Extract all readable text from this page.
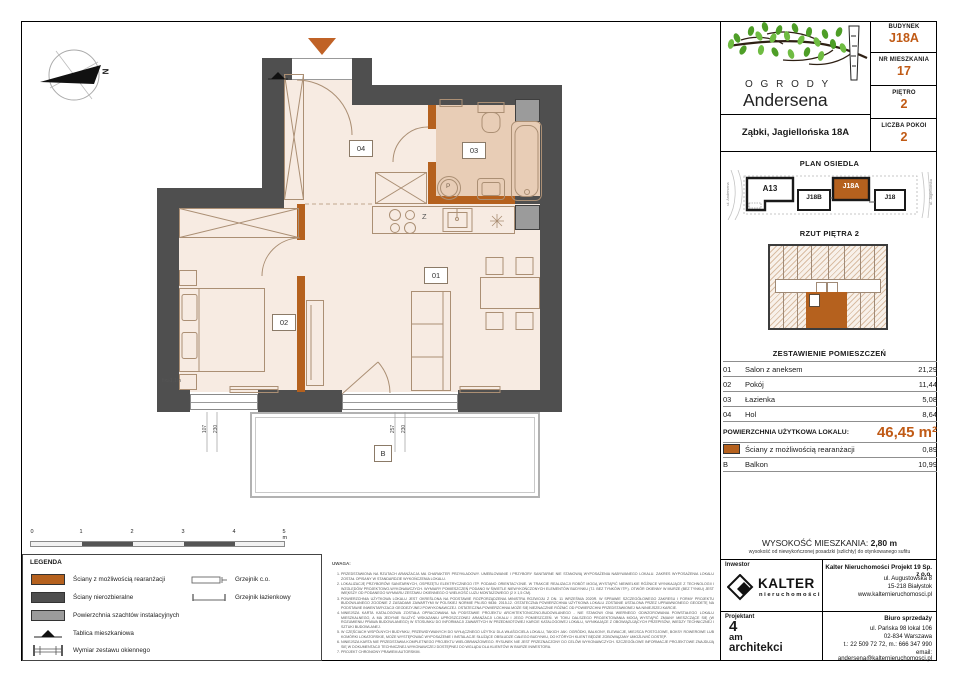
N
01
02
03
04
B
Z
P
fix≥1,1m
107 230	257 230
0	1	2	3	4	5 m
LEGENDA
Ściany z możliwością rearanżacji
Ściany nierozbieralne
Powierzchnia szachtów instalacyjnych
Tablica mieszkaniowa
Wymiar zestawu okiennego
Grzejnik c.o.
Grzejnik łazienkowy
UWAGA:
1. PRZEDSTAWIONA NA RZUTACH ARANŻACJA MA CHARAKTER PRZYKŁADOWY. UMEBLOWANIE I PRZYBORY SANITARNE NIE STANOWIĄ WYPOSAŻENIA NABYWANEGO LOKALU. ZAKRES WYPOSAŻENIA LOKALU ZOSTAŁ OPISANY W STANDARDZIE WYKOŃCZENIA LOKALU.
2. LOKALIZACJĘ PRZYBORÓW SANITARNYCH, OSPRZĘTU ELEKTRYCZNEGO ITP. PODANO ORIENTACYJNIE. W TRAKCIE REALIZACJI ROBÓT MOGĄ WYSTĄPIĆ NIEWIELKIE RÓŻNICE WYNIKAJĄCE Z TECHNOLOGII I WZGLĘDÓW PROJEKTOWO-WYKONAWCZYCH. WYMIARY POMIESZCZEŃ PODANO W ŚWIETLE NIEWYKOŃCZONYCH ELEMENTÓW BUDYNKU (TJ. BEZ TYNKÓW ITP.). OTWÓR OKIENNY W MURZE (BEZ TYNKU) JEST WIĘKSZY OD PODANEGO WYMIARU ZESTAWU OKIENNEGO O WIELKOŚĆ LUZU MONTAŻOWEGO (2 X 1,5 CM).
3. POWIERZCHNIA UŻYTKOWA LOKALU JEST OKREŚLONA NA PODSTAWIE ROZPORZĄDZENIA MINISTRA ROZWOJU Z DN. 11 WRZEŚNIA 2020R. W SPRAWIE SZCZEGÓŁOWEGO ZAKRESU I FORMY PROJEKTU BUDOWLANEGO ZGODNIE Z ZASADAMI ZAWARTYMI W POLSKIEJ NORMIE PN-ISO 9836: 2015-12. OSTATECZNA POWIERZCHNIA UŻYTKOWA LOKALU ZOSTANIE USTALONA PRZEZ UPRAWNIONEGO GEODETĘ NA PODSTAWIE INWENTARYZACJI GEODEZYJNEJ POWYKONAWCZEJ. OSTATECZNA POWIERZCHNIA MOŻE SIĘ NIEZNACZNIE RÓŻNIĆ OD POWIERZCHNI PRZEDSTAWIONEJ NA NINIEJSZEJ KARCIE.
4. NINIEJSZA KARTA KATALOGOWA ZOSTAŁA OPRACOWANA NA PODSTAWIE PROJEKTU ARCHITEKTONICZNO-BUDOWLANEGO - NIE STANOWI ONA WIERNEGO ODWZOROWANIA POWSTAŁEGO LOKALU MIESZKALNEGO, A MA JEDYNIE SŁUŻYĆ WSKAZANIU UPROSZCZONEJ ARANŻACJI LOKALU I JEGO POMIESZCZEŃ. W TOKU DALSZEGO PROJEKTOWANIA MOGĄ WYSTĄPIĆ ZMIANY MIESZCZĄCE SIĘ (W ROZUMIENIU PRAWA BUDOWLANEGO) W STOSUNKU DO INFORMACJI ZAWARTYCH W PRZEDMIOTOWEJ KARCIE KATALOGOWEJ LOKALU, WYNIKAJĄCE Z OBOWIĄZUJĄCYCH PRZEPISÓW, WIEDZY TECHNICZNEJ I SZTUKI BUDOWLANEJ.
5. W CZĘŚCIACH WSPÓLNYCH BUDYNKU, PRZEWIDYWANYCH DO WYŁĄCZNEGO UŻYTKU DLA WŁAŚCICIELA LOKALU, TAKICH JAK: OGRÓDKI, BALKONY, ELEWACJE, MIEJSCA POSTOJOWE, BOKSY ROWEROWE LUB KOMÓRKI LOKATORSKIE, MOŻE WYSTĘPOWAĆ WYPOSAŻENIE I INSTALACJE SŁUŻĄCE OBSŁUDZE CAŁEGO BUDYNKU, DO KTÓRYCH KLIENT BĘDZIE ZOBOWIĄZANY UMOŻLIWIĆ DOSTĘP.
6. NINIEJSZA KARTA NIE PRZEDSTAWIA KOMPLETNEGO PROJEKTU WIELOBRANŻOWEGO. RYSUNEK NIE JEST PRZEZNACZONY DO CELÓW WYKONAWCZYCH. SZCZEGÓŁOWE INFORMACJE PROJEKTOWE ZNAJDUJĄ SIĘ W DOKUMENTACJI TECHNICZNEJ-WYKONAWCZEJ DOSTĘPNEJ DO WGLĄDU DLA KLIENTÓW W BIURZE INWESTORA.
7. PROJEKT CHRONIONY PRAWEM AUTORSKIM.
O G R O D Y
Andersena
Ząbki, Jagiellońska 18A
BUDYNEK
J18A
NR MIESZKANIA
17
PIĘTRO
2
LICZBA POKOI
2
PLAN OSIEDLA
A13
J18B
J18A
J18
ul. Andersena	ul. Jagiellońska
RZUT PIĘTRA 2
ZESTAWIENIE POMIESZCZEŃ
01	Salon z aneksem	21,29
02	Pokój	11,44
03	Łazienka	5,08
04	Hol	8,64
POWIERZCHNIA UŻYTKOWA LOKALU:	46,45 m²
Ściany z możliwością rearanżacji	0,89
B	Balkon	10,99
WYSOKOŚĆ MIESZKANIA: 2,80 m
wysokość od niewykończonej posadzki (szlichty) do otynkowanego sufitu
Inwestor
KALTER
nieruchomości
Projektant
4
am
architekci
Kalter Nieruchomości Projekt 19 Sp. z o.o.
ul. Augustowska 8
15-218 Białystok
www.kalternieruchomosci.pl
Biuro sprzedaży
ul. Pańska 98 lokal 106
02-834 Warszawa
t.: 22 509 72 72, m.: 666 347 990
email: andersena@kalternieruchomosci.pl
